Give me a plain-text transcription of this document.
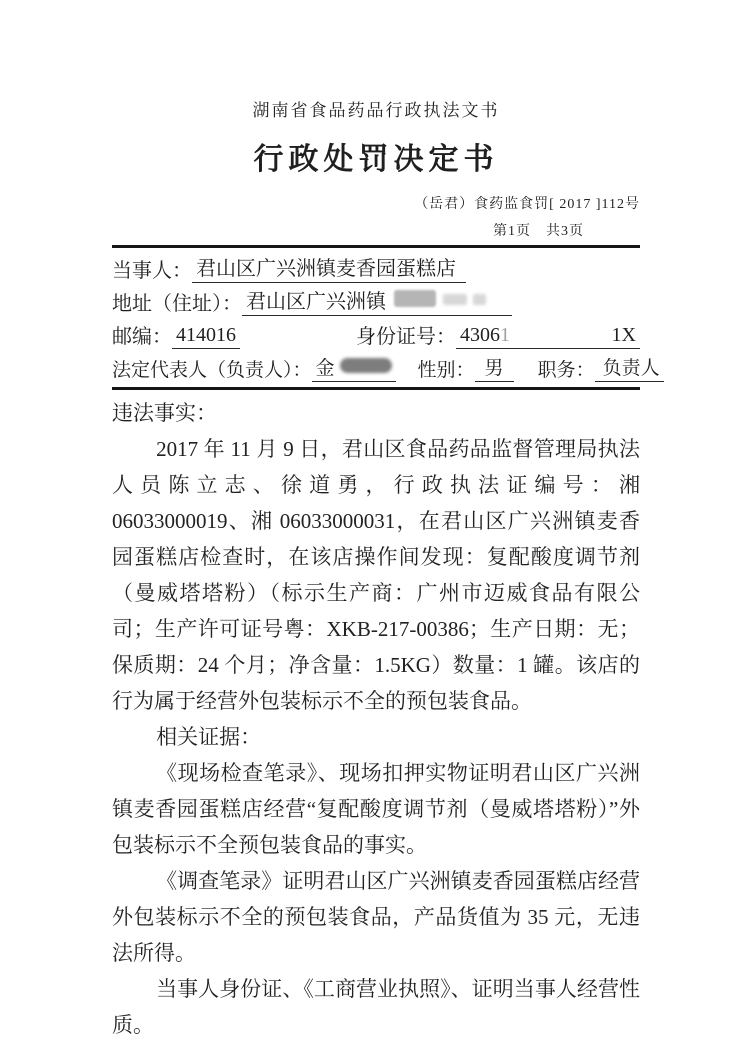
湖南省食品药品行政执法文书
行政处罚决定书
（岳君）食药监食罚[ 2017 ]112号
第1页　共3页
当事人： 君山区广兴洲镇麦香园蛋糕店
地址（住址）： 君山区广兴洲镇
邮编： 414016	身份证号： 43061	1X
法定代表人（负责人）： 金	性别： 男	职务： 负责人
违法事实：

2017 年 11 月 9 日，君山区食品药品监督管理局执法人员陈立志、徐道勇，行政执法证编号：湘 06033000019、湘 06033000031，在君山区广兴洲镇麦香园蛋糕店检查时，在该店操作间发现：复配酸度调节剂（曼威塔塔粉）（标示生产商：广州市迈威食品有限公司；生产许可证号粤：XKB-217-00386；生产日期：无；保质期：24 个月；净含量：1.5KG）数量：1 罐。该店的行为属于经营外包装标示不全的预包装食品。

相关证据：

《现场检查笔录》、现场扣押实物证明君山区广兴洲镇麦香园蛋糕店经营“复配酸度调节剂（曼威塔塔粉）”外包装标示不全预包装食品的事实。

《调查笔录》证明君山区广兴洲镇麦香园蛋糕店经营外包装标示不全的预包装食品，产品货值为 35 元，无违法所得。

当事人身份证、《工商营业执照》、证明当事人经营性质。
